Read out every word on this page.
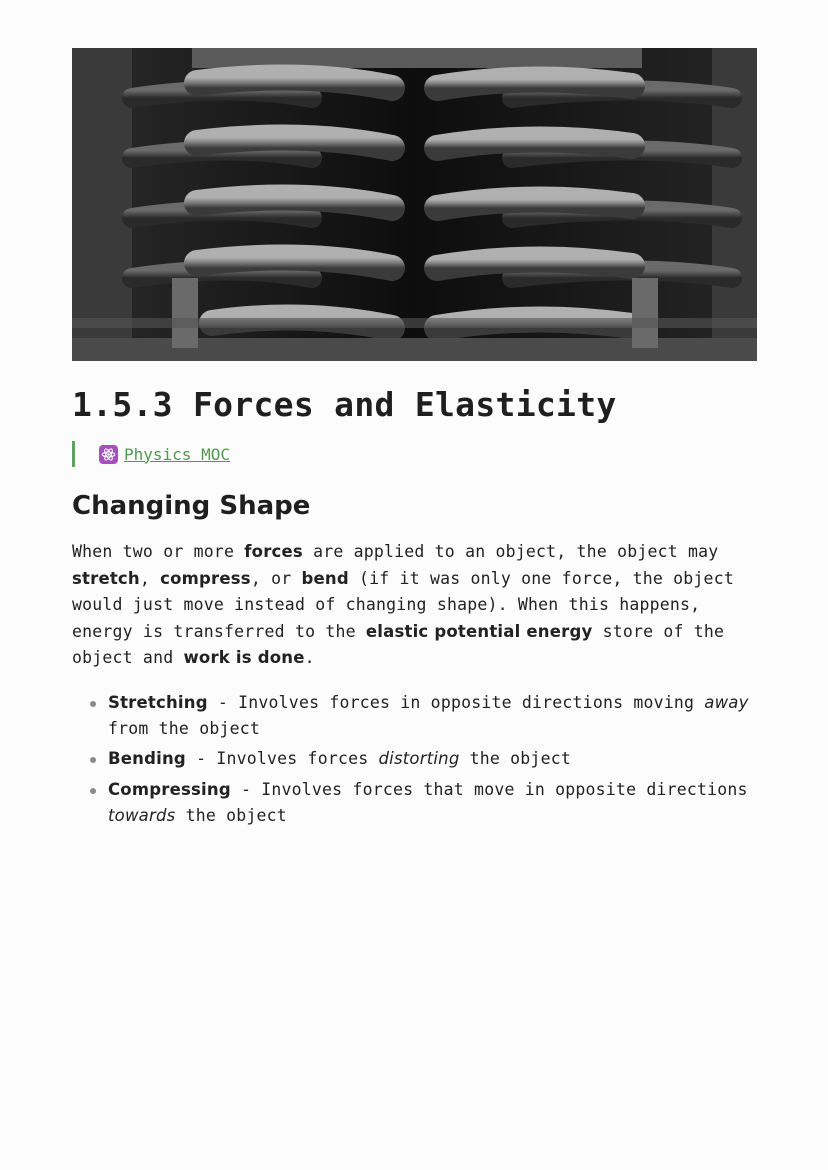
1.5.3 Forces and Elasticity
Physics MOC
Changing Shape

When two or more forces are applied to an object, the object may stretch, compress, or bend (if it was only one force, the object would just move instead of changing shape). When this happens, energy is transferred to the elastic potential energy store of the object and work is done.

Stretching - Involves forces in opposite directions moving away from the object
Bending - Involves forces distorting the object
Compressing - Involves forces that move in opposite directions towards the object
